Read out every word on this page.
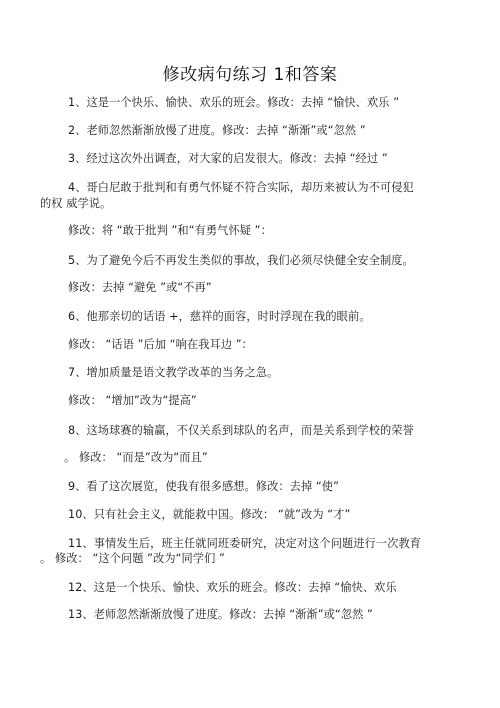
修改病句练习 1和答案
1、这是一个快乐、愉快、欢乐的班会。修改：去掉 “愉快、欢乐 ”
2、老师忽然渐渐放慢了进度。修改：去掉 “渐渐”或“忽然 ”
3、经过这次外出调查，对大家的启发很大。修改：去掉 “经过 ”
4、哥白尼敢于批判和有勇气怀疑不符合实际，却历来被认为不可侵犯
的权 威学说。
修改：将 “敢于批判 ”和“有勇气怀疑 ”：
5、为了避免今后不再发生类似的事故，我们必须尽快健全安全制度。
修改：去掉 “避免 ”或“不再”
6、他那亲切的话语 +，慈祥的面容，时时浮现在我的眼前。
修改： “话语 ”后加 “响在我耳边 ”：
7、增加质量是语文教学改革的当务之急。
修改： “增加”改为“提高”
8、这场球赛的输赢，不仅关系到球队的名声，而是关系到学校的荣誉
。 修改： “而是”改为“而且”
9、看了这次展览，使我有很多感想。修改：去掉 “使”
10、只有社会主义，就能救中国。修改： “就”改为 “才”
11、事情发生后，班主任就同班委研究，决定对这个问题进行一次教育
。 修改： “这个问题 ”改为“同学们 ”
12、这是一个快乐、愉快、欢乐的班会。修改：去掉 “愉快、欢乐
13、老师忽然渐渐放慢了进度。修改：去掉 “渐渐”或“忽然 ”
